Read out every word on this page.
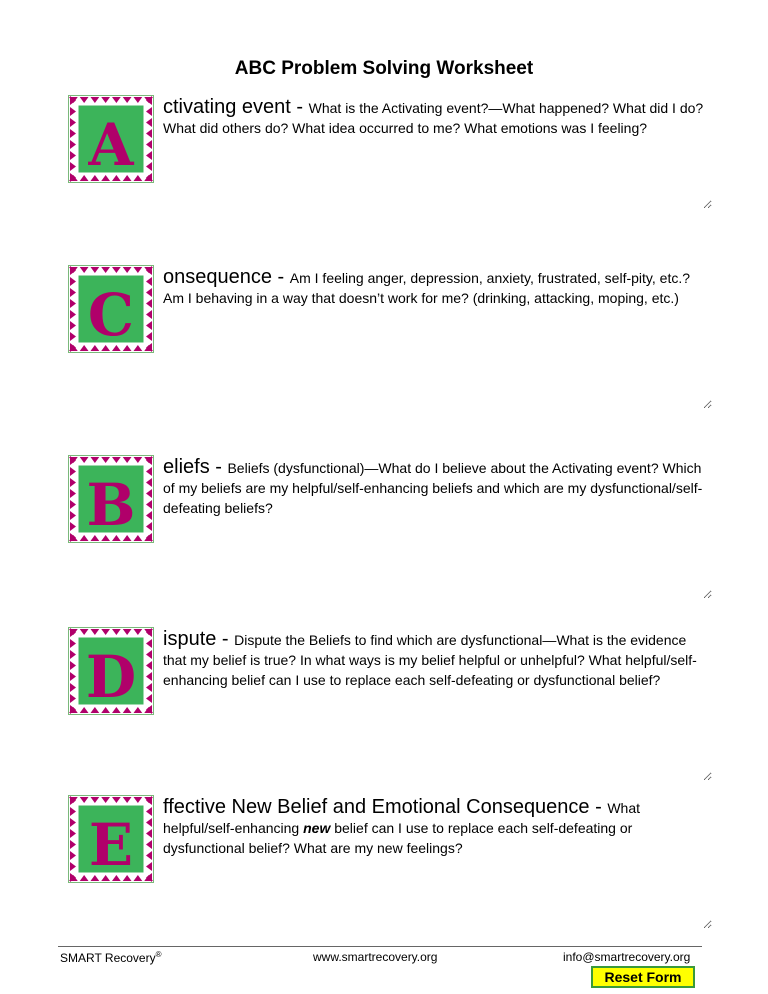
ABC Problem Solving Worksheet
A
ctivating event - What is the Activating event?—What happened? What did I do? What did others do? What idea occurred to me? What emotions was I feeling?
C
onsequence - Am I feeling anger, depression, anxiety, frustrated, self-pity, etc.? Am I behaving in a way that doesn’t work for me? (drinking, attacking, moping, etc.)
B
eliefs - Beliefs (dysfunctional)—What do I believe about the Activating event? Which of my beliefs are my helpful/self-enhancing beliefs and which are my dysfunctional/self-defeating beliefs?
D
ispute - Dispute the Beliefs to find which are dysfunctional—What is the evidence that my belief is true? In what ways is my belief helpful or unhelpful? What helpful/self-enhancing belief can I use to replace each self-defeating or dysfunctional belief?
E
ffective New Belief and Emotional Consequence - What helpful/self-enhancing new belief can I use to replace each self-defeating or dysfunctional belief? What are my new feelings?
SMART Recovery®	www.smartrecovery.org	info@smartrecovery.org
Reset Form
